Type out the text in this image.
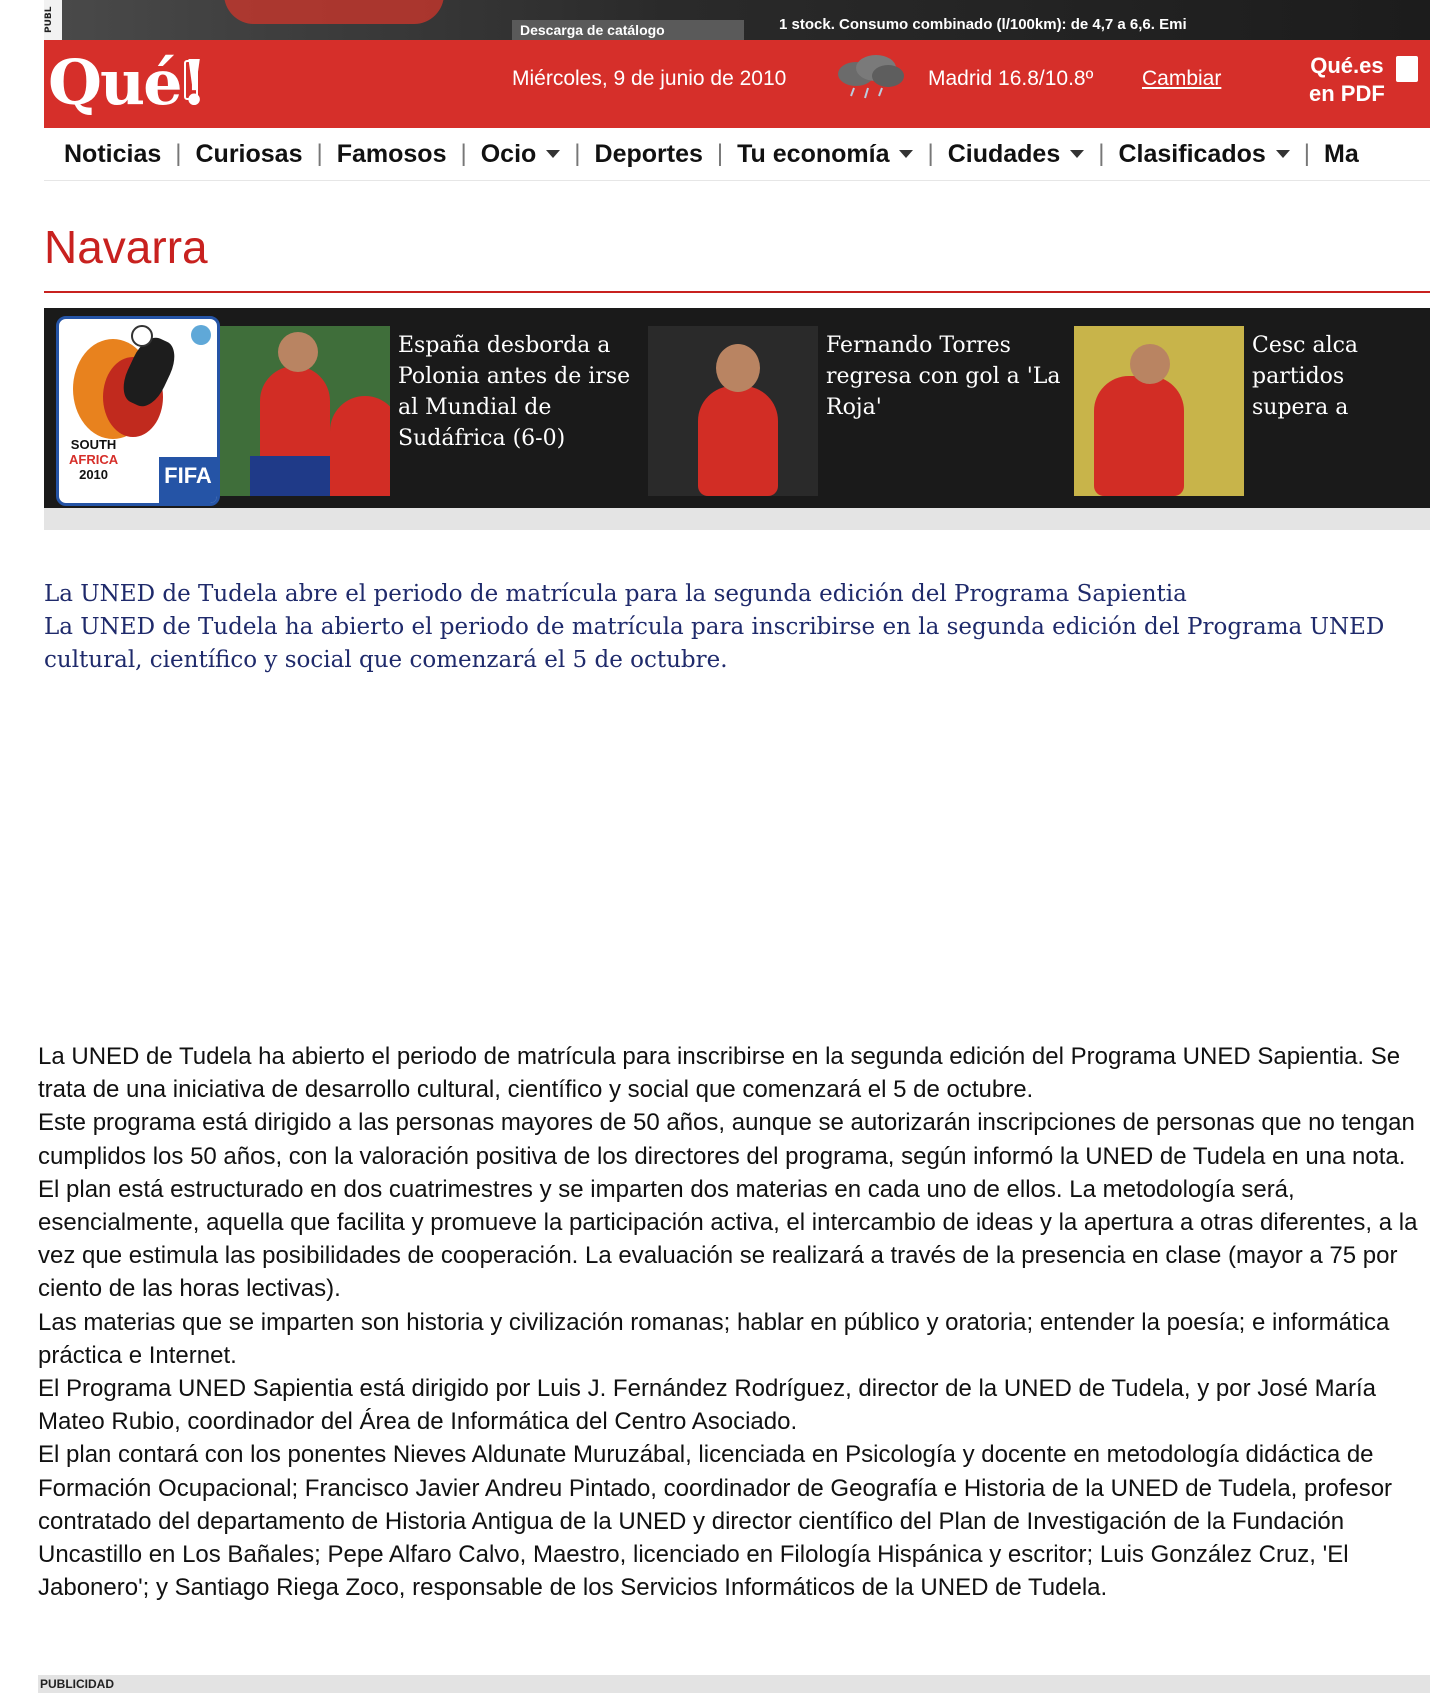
PUBL	Descarga de catálogo	1 stock. Consumo combinado (l/100km): de 4,7 a 6,6. Emi
Qué!	Miércoles, 9 de junio de 2010	Madrid 16.8/10.8º Cambiar
Qué.es
en PDF
Noticias | Curiosas | Famosos | Ocio | Deportes | Tu economía | Ciudades | Clasificados | Ma
Navarra
SOUTH
AFRICA
2010	FIFA
España desborda a Polonia antes de irse al Mundial de Sudáfrica (6-0)
Fernando Torres regresa con gol a 'La Roja'
Cesc alca partidos supera a
La UNED de Tudela abre el periodo de matrícula para la segunda edición del Programa Sapientia
La UNED de Tudela ha abierto el periodo de matrícula para inscribirse en la segunda edición del Programa UNED
cultural, científico y social que comenzará el 5 de octubre.

La UNED de Tudela ha abierto el periodo de matrícula para inscribirse en la segunda edición del Programa UNED Sapientia. Se trata de una iniciativa de desarrollo cultural, científico y social que comenzará el 5 de octubre.

Este programa está dirigido a las personas mayores de 50 años, aunque se autorizarán inscripciones de personas que no tengan cumplidos los 50 años, con la valoración positiva de los directores del programa, según informó la UNED de Tudela en una nota.

El plan está estructurado en dos cuatrimestres y se imparten dos materias en cada uno de ellos. La metodología será, esencialmente, aquella que facilita y promueve la participación activa, el intercambio de ideas y la apertura a otras diferentes, a la vez que estimula las posibilidades de cooperación. La evaluación se realizará a través de la presencia en clase (mayor a 75 por ciento de las horas lectivas).

Las materias que se imparten son historia y civilización romanas; hablar en público y oratoria; entender la poesía; e informática práctica e Internet.

El Programa UNED Sapientia está dirigido por Luis J. Fernández Rodríguez, director de la UNED de Tudela, y por José María Mateo Rubio, coordinador del Área de Informática del Centro Asociado.

El plan contará con los ponentes Nieves Aldunate Muruzábal, licenciada en Psicología y docente en metodología didáctica de Formación Ocupacional; Francisco Javier Andreu Pintado, coordinador de Geografía e Historia de la UNED de Tudela, profesor contratado del departamento de Historia Antigua de la UNED y director científico del Plan de Investigación de la Fundación Uncastillo en Los Bañales; Pepe Alfaro Calvo, Maestro, licenciado en Filología Hispánica y escritor; Luis González Cruz, 'El Jabonero'; y Santiago Riega Zoco, responsable de los Servicios Informáticos de la UNED de Tudela.

PUBLICIDAD
